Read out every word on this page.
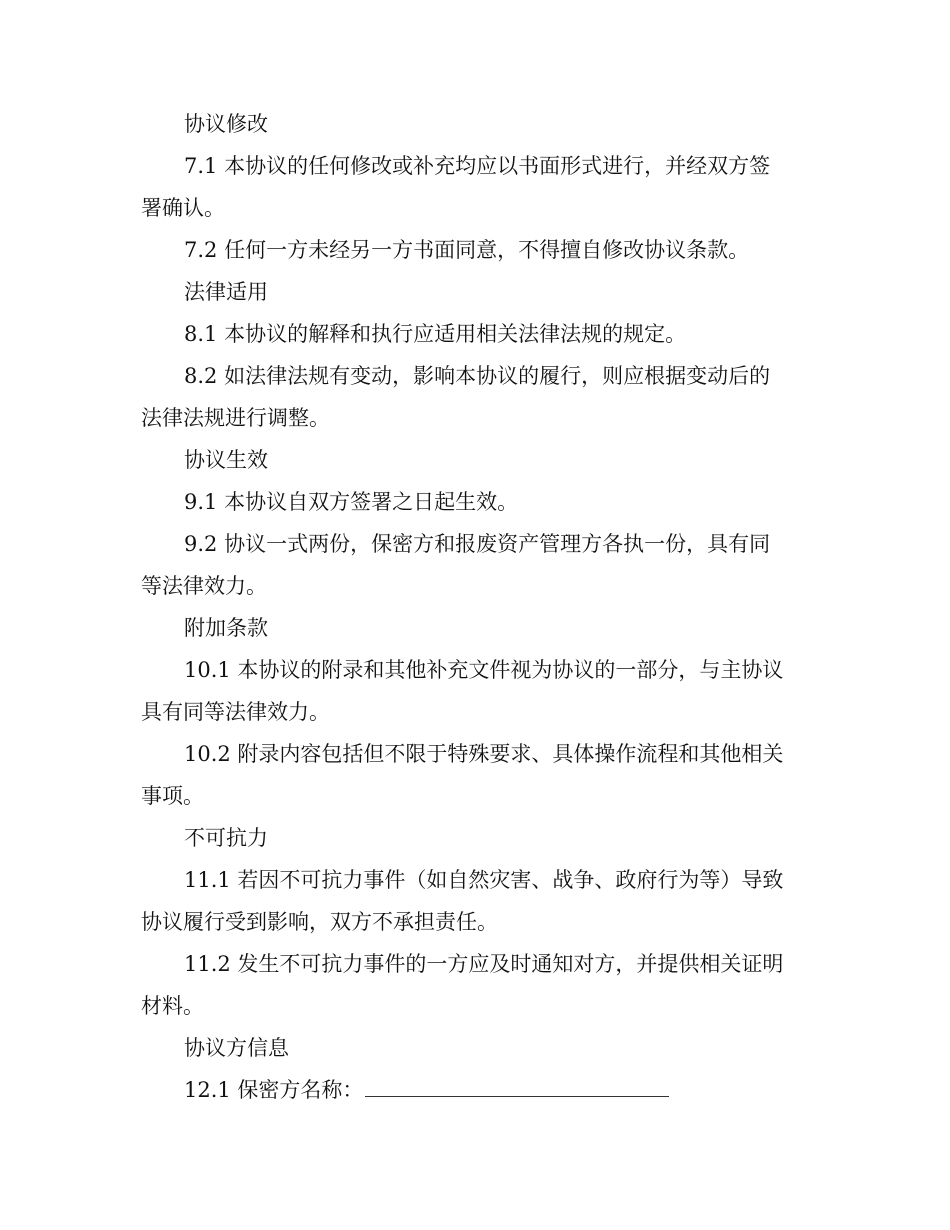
协议修改

7.1 本协议的任何修改或补充均应以书面形式进行，并经双方签

署确认。

7.2 任何一方未经另一方书面同意，不得擅自修改协议条款。

法律适用

8.1 本协议的解释和执行应适用相关法律法规的规定。

8.2 如法律法规有变动，影响本协议的履行，则应根据变动后的

法律法规进行调整。

协议生效

9.1 本协议自双方签署之日起生效。

9.2 协议一式两份，保密方和报废资产管理方各执一份，具有同

等法律效力。

附加条款

10.1 本协议的附录和其他补充文件视为协议的一部分，与主协议

具有同等法律效力。

10.2 附录内容包括但不限于特殊要求、具体操作流程和其他相关

事项。

不可抗力

11.1 若因不可抗力事件（如自然灾害、战争、政府行为等）导致

协议履行受到影响，双方不承担责任。

11.2 发生不可抗力事件的一方应及时通知对方，并提供相关证明

材料。

协议方信息

12.1 保密方名称：
